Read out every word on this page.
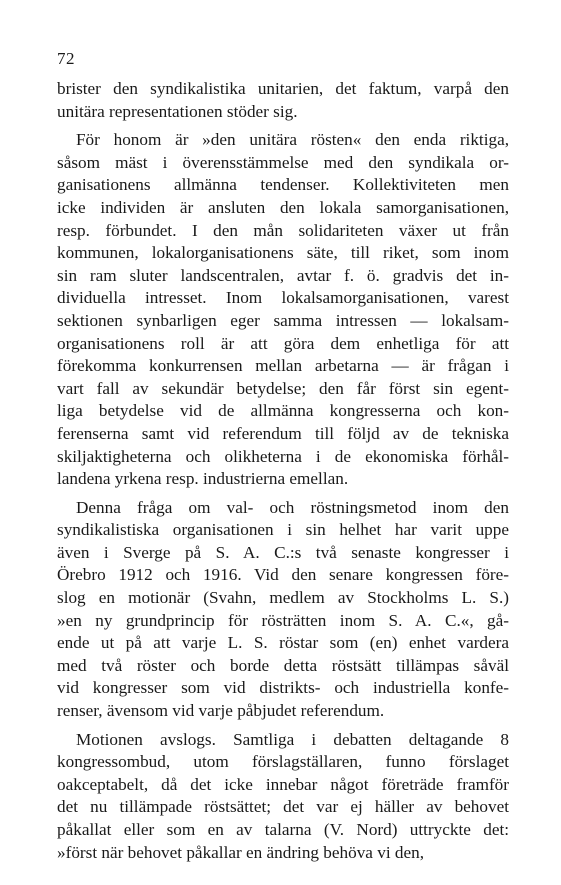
72
brister den syndikalistika unitarien, det faktum, varpå den
unitära representationen stöder sig.
För honom är »den unitära rösten« den enda riktiga,
såsom mäst i överensstämmelse med den syndikala or-
ganisationens allmänna tendenser. Kollektiviteten men
icke individen är ansluten den lokala samorganisationen,
resp. förbundet. I den mån solidariteten växer ut från
kommunen, lokalorganisationens säte, till riket, som inom
sin ram sluter landscentralen, avtar f. ö. gradvis det in-
dividuella intresset. Inom lokalsamorganisationen, varest
sektionen synbarligen eger samma intressen — lokalsam-
organisationens roll är att göra dem enhetliga för att
förekomma konkurrensen mellan arbetarna — är frågan i
vart fall av sekundär betydelse; den får först sin egent-
liga betydelse vid de allmänna kongresserna och kon-
ferenserna samt vid referendum till följd av de tekniska
skiljaktigheterna och olikheterna i de ekonomiska förhål-
landena yrkena resp. industrierna emellan.
Denna fråga om val- och röstningsmetod inom den
syndikalistiska organisationen i sin helhet har varit uppe
även i Sverge på S. A. C.:s två senaste kongresser i
Örebro 1912 och 1916. Vid den senare kongressen före-
slog en motionär (Svahn, medlem av Stockholms L. S.)
»en ny grundprincip för rösträtten inom S. A. C.«, gå-
ende ut på att varje L. S. röstar som (en) enhet vardera
med två röster och borde detta röstsätt tillämpas såväl
vid kongresser som vid distrikts- och industriella konfe-
renser, ävensom vid varje påbjudet referendum.
Motionen avslogs. Samtliga i debatten deltagande 8
kongressombud, utom förslagställaren, funno förslaget
oakceptabelt, då det icke innebar något företräde framför
det nu tillämpade röstsättet; det var ej häller av behovet
påkallat eller som en av talarna (V. Nord) uttryckte det:
»först när behovet påkallar en ändring behöva vi den,
